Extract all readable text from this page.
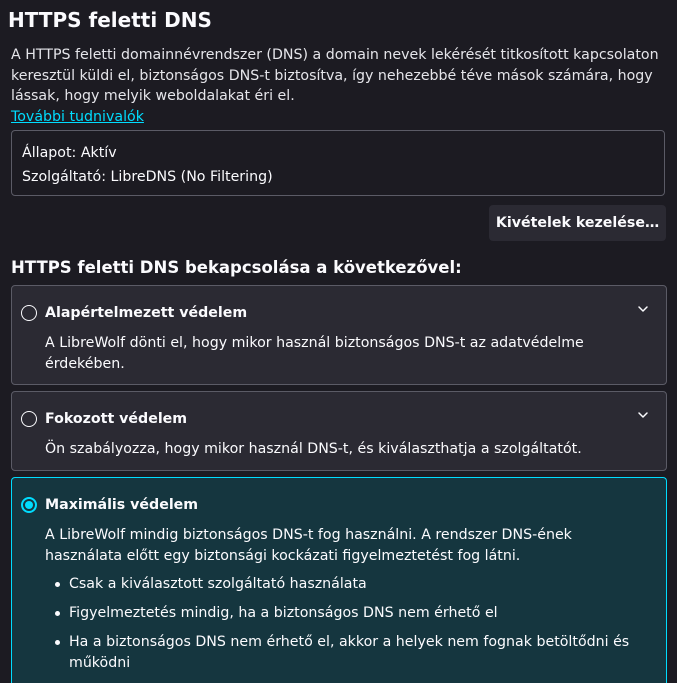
HTTPS feletti DNS
A HTTPS feletti domainnévrendszer (DNS) a domain nevek lekérését titkosított kapcsolaton keresztül küldi el, biztonságos DNS-t biztosítva, így nehezebbé téve mások számára, hogy lássak, hogy melyik weboldalakat éri el.
További tudnivalók
Állapot: Aktív
Szolgáltató: LibreDNS (No Filtering)
Kivételek kezelése…
HTTPS feletti DNS bekapcsolása a következővel:
Alapértelmezett védelem
A LibreWolf dönti el, hogy mikor használ biztonságos DNS-t az adatvédelme érdekében.
Fokozott védelem
Ön szabályozza, hogy mikor használ DNS-t, és kiválaszthatja a szolgáltatót.
Maximális védelem
A LibreWolf mindig biztonságos DNS-t fog használni. A rendszer DNS-ének használata előtt egy biztonsági kockázati figyelmeztetést fog látni.
Csak a kiválasztott szolgáltató használata
Figyelmeztetés mindig, ha a biztonságos DNS nem érhető el
Ha a biztonságos DNS nem érhető el, akkor a helyek nem fognak betöltődni és működni
